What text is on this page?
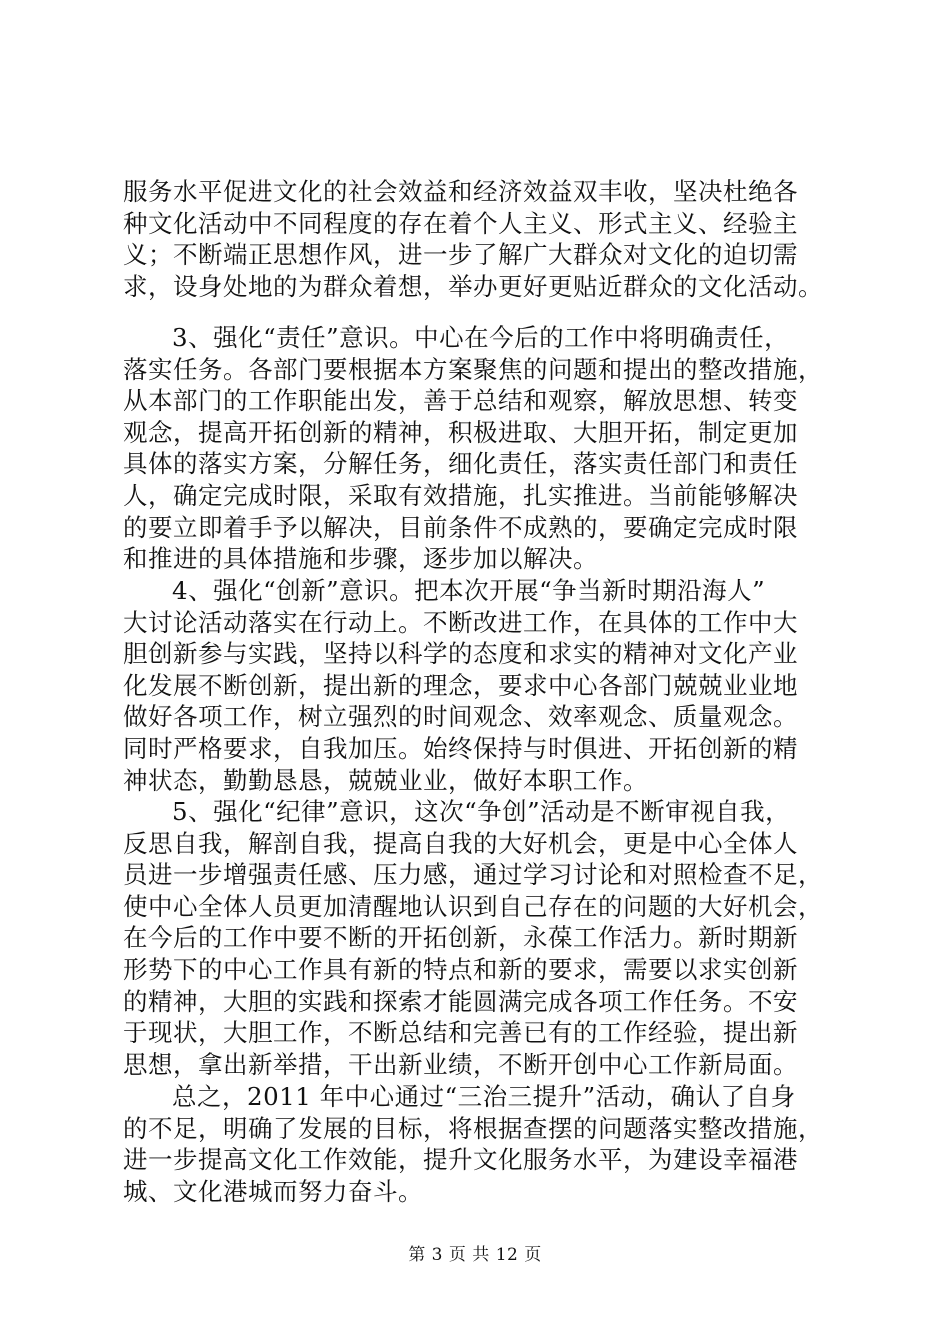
服务水平促进文化的社会效益和经济效益双丰收，坚决杜绝各
种文化活动中不同程度的存在着个人主义、形式主义、经验主
义；不断端正思想作风，进一步了解广大群众对文化的迫切需
求，设身处地的为群众着想，举办更好更贴近群众的文化活动。
3、强化“责任”意识。中心在今后的工作中将明确责任，
落实任务。各部门要根据本方案聚焦的问题和提出的整改措施，
从本部门的工作职能出发，善于总结和观察，解放思想、转变
观念，提高开拓创新的精神，积极进取、大胆开拓，制定更加
具体的落实方案，分解任务，细化责任，落实责任部门和责任
人，确定完成时限，采取有效措施，扎实推进。当前能够解决
的要立即着手予以解决，目前条件不成熟的，要确定完成时限
和推进的具体措施和步骤，逐步加以解决。
4、强化“创新”意识。把本次开展“争当新时期沿海人”
大讨论活动落实在行动上。不断改进工作，在具体的工作中大
胆创新参与实践，坚持以科学的态度和求实的精神对文化产业
化发展不断创新，提出新的理念，要求中心各部门兢兢业业地
做好各项工作，树立强烈的时间观念、效率观念、质量观念。
同时严格要求，自我加压。始终保持与时俱进、开拓创新的精
神状态，勤勤恳恳，兢兢业业，做好本职工作。
5、强化“纪律”意识，这次“争创”活动是不断审视自我，
反思自我，解剖自我，提高自我的大好机会，更是中心全体人
员进一步增强责任感、压力感，通过学习讨论和对照检查不足，
使中心全体人员更加清醒地认识到自己存在的问题的大好机会，
在今后的工作中要不断的开拓创新，永葆工作活力。新时期新
形势下的中心工作具有新的特点和新的要求，需要以求实创新
的精神，大胆的实践和探索才能圆满完成各项工作任务。不安
于现状，大胆工作，不断总结和完善已有的工作经验，提出新
思想，拿出新举措，干出新业绩，不断开创中心工作新局面。
总之，2011 年中心通过“三治三提升”活动，确认了自身
的不足，明确了发展的目标，将根据查摆的问题落实整改措施，
进一步提高文化工作效能，提升文化服务水平，为建设幸福港
城、文化港城而努力奋斗。
第 3 页 共 12 页
